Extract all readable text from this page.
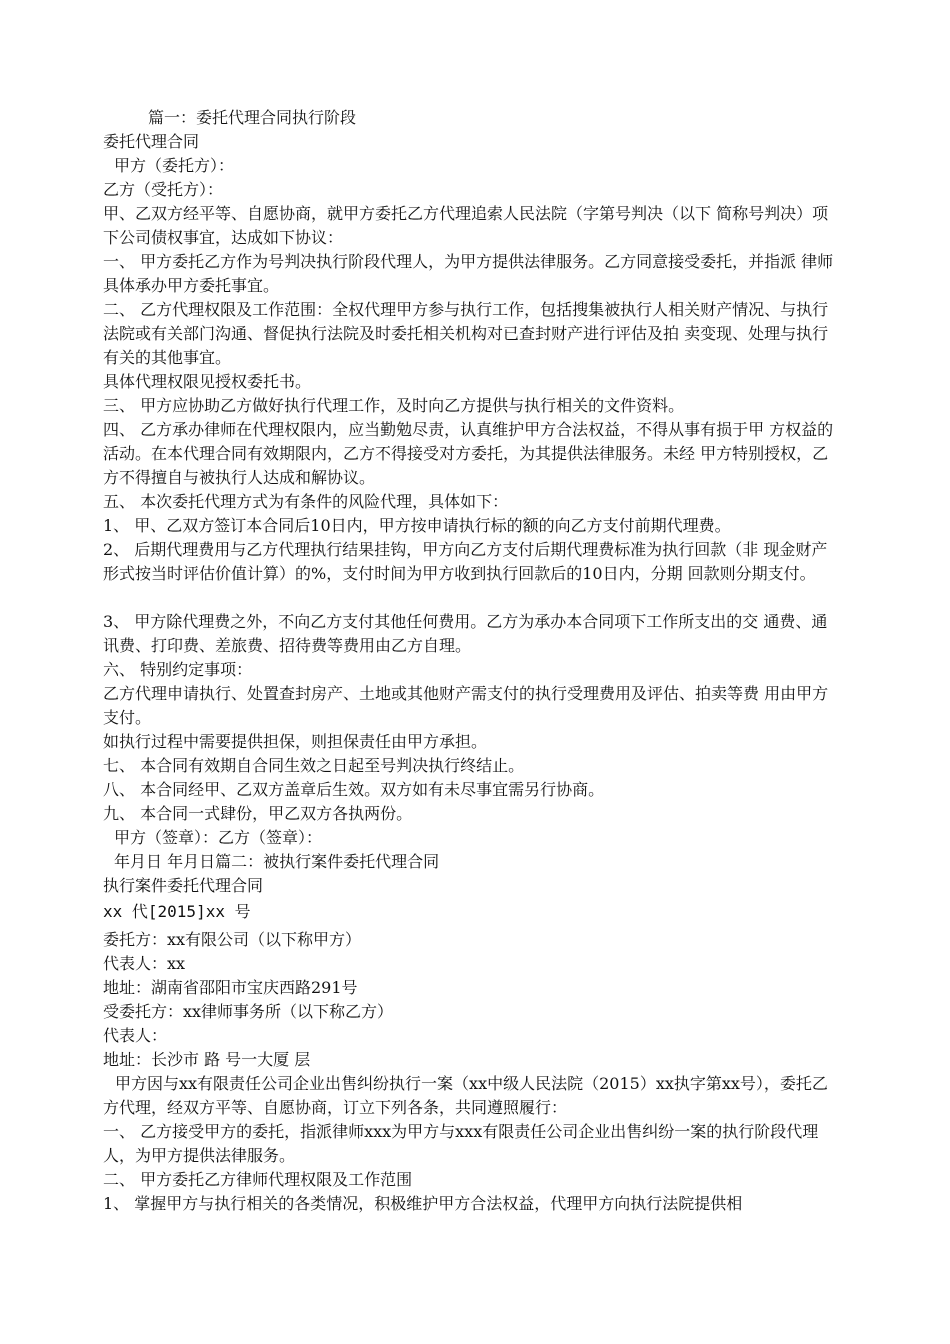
篇一：委托代理合同执行阶段

委托代理合同

甲方（委托方）：

乙方（受托方）：

甲、乙双方经平等、自愿协商，就甲方委托乙方代理追索人民法院（字第号判决（以下 简称号判决）项下公司债权事宜，达成如下协议：

一、 甲方委托乙方作为号判决执行阶段代理人，为甲方提供法律服务。乙方同意接受委托，并指派 律师具体承办甲方委托事宜。

二、 乙方代理权限及工作范围：全权代理甲方参与执行工作，包括搜集被执行人相关财产情况、与执行法院或有关部门沟通、督促执行法院及时委托相关机构对已查封财产进行评估及拍 卖变现、处理与执行有关的其他事宜。

具体代理权限见授权委托书。

三、 甲方应协助乙方做好执行代理工作，及时向乙方提供与执行相关的文件资料。

四、 乙方承办律师在代理权限内，应当勤勉尽责，认真维护甲方合法权益，不得从事有损于甲 方权益的活动。在本代理合同有效期限内，乙方不得接受对方委托，为其提供法律服务。未经 甲方特别授权，乙方不得擅自与被执行人达成和解协议。

五、 本次委托代理方式为有条件的风险代理，具体如下：

1、 甲、乙双方签订本合同后10日内，甲方按申请执行标的额的向乙方支付前期代理费。

2、 后期代理费用与乙方代理执行结果挂钩，甲方向乙方支付后期代理费标准为执行回款（非 现金财产形式按当时评估价值计算）的%，支付时间为甲方收到执行回款后的10日内，分期 回款则分期支付。

3、 甲方除代理费之外，不向乙方支付其他任何费用。乙方为承办本合同项下工作所支出的交 通费、通讯费、打印费、差旅费、招待费等费用由乙方自理。

六、 特别约定事项：

乙方代理申请执行、处置查封房产、土地或其他财产需支付的执行受理费用及评估、拍卖等费 用由甲方支付。

如执行过程中需要提供担保，则担保责任由甲方承担。

七、 本合同有效期自合同生效之日起至号判决执行终结止。

八、 本合同经甲、乙双方盖章后生效。双方如有未尽事宜需另行协商。

九、 本合同一式肆份，甲乙双方各执两份。

甲方（签章）：乙方（签章）：

年月日 年月日篇二：被执行案件委托代理合同

执行案件委托代理合同

xx 代[2015]xx 号

委托方：xx有限公司（以下称甲方）

代表人：xx

地址：湖南省邵阳市宝庆西路291号

受委托方：xx律师事务所（以下称乙方）

代表人：

地址：长沙市 路 号一大厦 层

甲方因与xx有限责任公司企业出售纠纷执行一案（xx中级人民法院（2015）xx执字第xx号），委托乙方代理，经双方平等、自愿协商，订立下列各条，共同遵照履行：

一、 乙方接受甲方的委托，指派律师xxx为甲方与xxx有限责任公司企业出售纠纷一案的执行阶段代理人，为甲方提供法律服务。

二、 甲方委托乙方律师代理权限及工作范围

1、 掌握甲方与执行相关的各类情况，积极维护甲方合法权益，代理甲方向执行法院提供相
